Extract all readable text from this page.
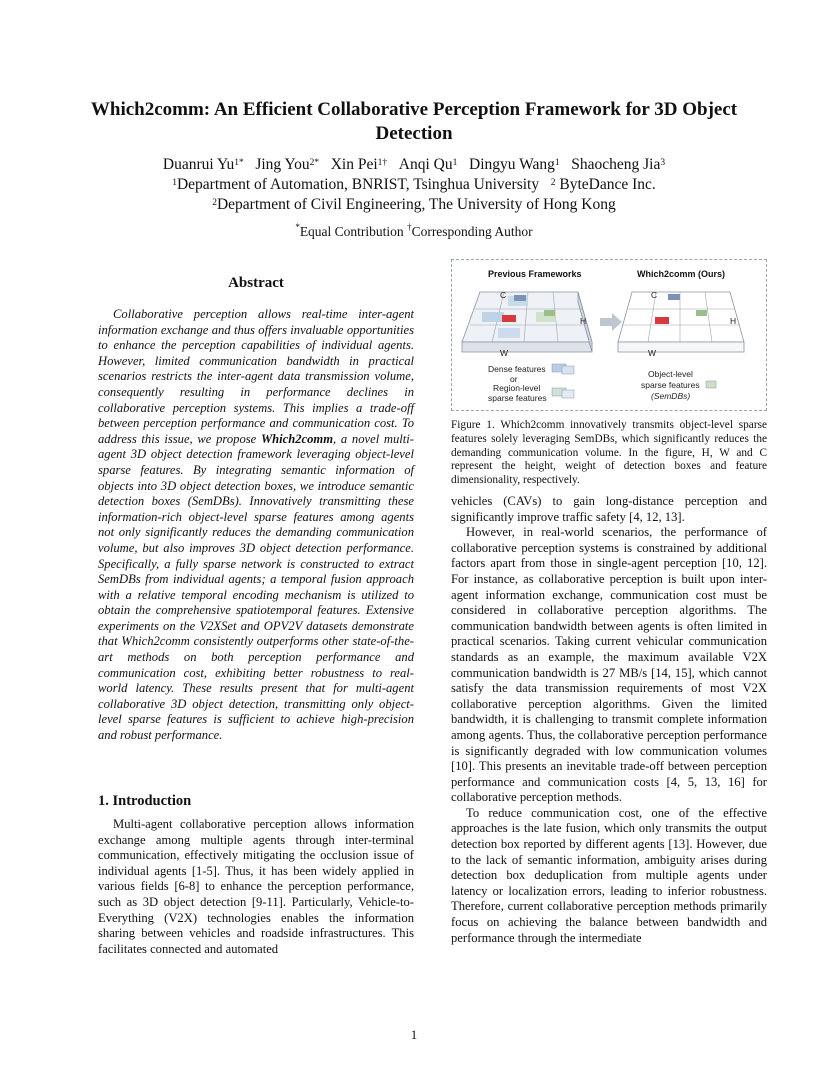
Which2comm: An Efficient Collaborative Perception Framework for 3D Object Detection
Duanrui $Yu^{1*}$ Jing You$^{2*}$ Xin Pei$^{1\dagger}$ Anqi Qu$^1$ Dingyu Wang$^1$ Shaocheng Jia$^3$
$^1$Department of Automation, BNRIST, Tsinghua University $^2$ ByteDance Inc.
$^2$Department of Civil Engineering, The University of Hong Kong
*Equal Contribution †Corresponding Author
Abstract

Collaborative perception allows real-time inter-agent information exchange and thus offers invaluable opportunities to enhance the perception capabilities of individual agents. However, limited communication bandwidth in practical scenarios restricts the inter-agent data transmission volume, consequently resulting in performance declines in collaborative perception systems. This implies a trade-off between perception performance and communication cost. To address this issue, we propose Which2comm, a novel multi-agent 3D object detection framework leveraging object-level sparse features. By integrating semantic information of objects into 3D object detection boxes, we introduce semantic detection boxes (SemDBs). Innovatively transmitting these information-rich object-level sparse features among agents not only significantly reduces the demanding communication volume, but also improves 3D object detection performance. Specifically, a fully sparse network is constructed to extract SemDBs from individual agents; a temporal fusion approach with a relative temporal encoding mechanism is utilized to obtain the comprehensive spatiotemporal features. Extensive experiments on the V2XSet and OPV2V datasets demonstrate that Which2comm consistently outperforms other state-of-the-art methods on both perception performance and communication cost, exhibiting better robustness to real-world latency. These results present that for multi-agent collaborative 3D object detection, transmitting only object-level sparse features is sufficient to achieve high-precision and robust performance.

1. Introduction

Multi-agent collaborative perception allows information exchange among multiple agents through inter-terminal communication, effectively mitigating the occlusion issue of individual agents [1-5]. Thus, it has been widely applied in various fields [6-8] to enhance the perception performance, such as 3D object detection [9-11]. Particularly, Vehicle-to-Everything (V2X) technologies enables the information sharing between vehicles and roadside infrastructures. This facilitates connected and automated

Previous Frameworks	Which2comm (Ours)
C
H
W
C
H
W
Dense features
or
Region-level
sparse features
Object-level
sparse features
(SemDBs)
Figure 1. Which2comm innovatively transmits object-level sparse features solely leveraging SemDBs, which significantly reduces the demanding communication volume. In the figure, H, W and C represent the height, weight of detection boxes and feature dimensionality, respectively.

vehicles (CAVs) to gain long-distance perception and significantly improve traffic safety [4, 12, 13].

However, in real-world scenarios, the performance of collaborative perception systems is constrained by additional factors apart from those in single-agent perception [10, 12]. For instance, as collaborative perception is built upon inter-agent information exchange, communication cost must be considered in collaborative perception algorithms. The communication bandwidth between agents is often limited in practical scenarios. Taking current vehicular communication standards as an example, the maximum available V2X communication bandwidth is 27 MB/s [14, 15], which cannot satisfy the data transmission requirements of most V2X collaborative perception algorithms. Given the limited bandwidth, it is challenging to transmit complete information among agents. Thus, the collaborative perception performance is significantly degraded with low communication volumes [10]. This presents an inevitable trade-off between perception performance and communication costs [4, 5, 13, 16] for collaborative perception methods.

To reduce communication cost, one of the effective approaches is the late fusion, which only transmits the output detection box reported by different agents [13]. However, due to the lack of semantic information, ambiguity arises during detection box deduplication from multiple agents under latency or localization errors, leading to inferior robustness. Therefore, current collaborative perception methods primarily focus on achieving the balance between bandwidth and performance through the intermediate

1
